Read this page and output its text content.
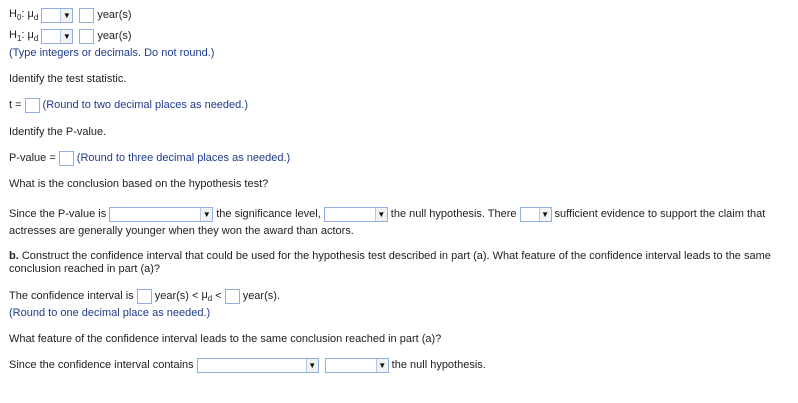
$H_0$: $\mu_d$	▼ year(s)
$H_1$: $\mu_d$	▼ year(s)
(Type integers or decimals. Do not round.)
Identify the test statistic.
t = (Round to two decimal places as needed.)
Identify the P-value.
P-value = (Round to three decimal places as needed.)
What is the conclusion based on the hypothesis test?
Since the P-value is	▼ the significance level,	▼ the null hypothesis. There	▼ sufficient evidence to support the claim that
actresses are generally younger when they won the award than actors.
b. Construct the confidence interval that could be used for the hypothesis test described in part (a). What feature of the confidence interval leads to the same conclusion reached in part (a)?
The confidence interval is year(s) < $\mu_d$ < year(s).
(Round to one decimal place as needed.)
What feature of the confidence interval leads to the same conclusion reached in part (a)?
Since the confidence interval contains	▼	▼ the null hypothesis.
